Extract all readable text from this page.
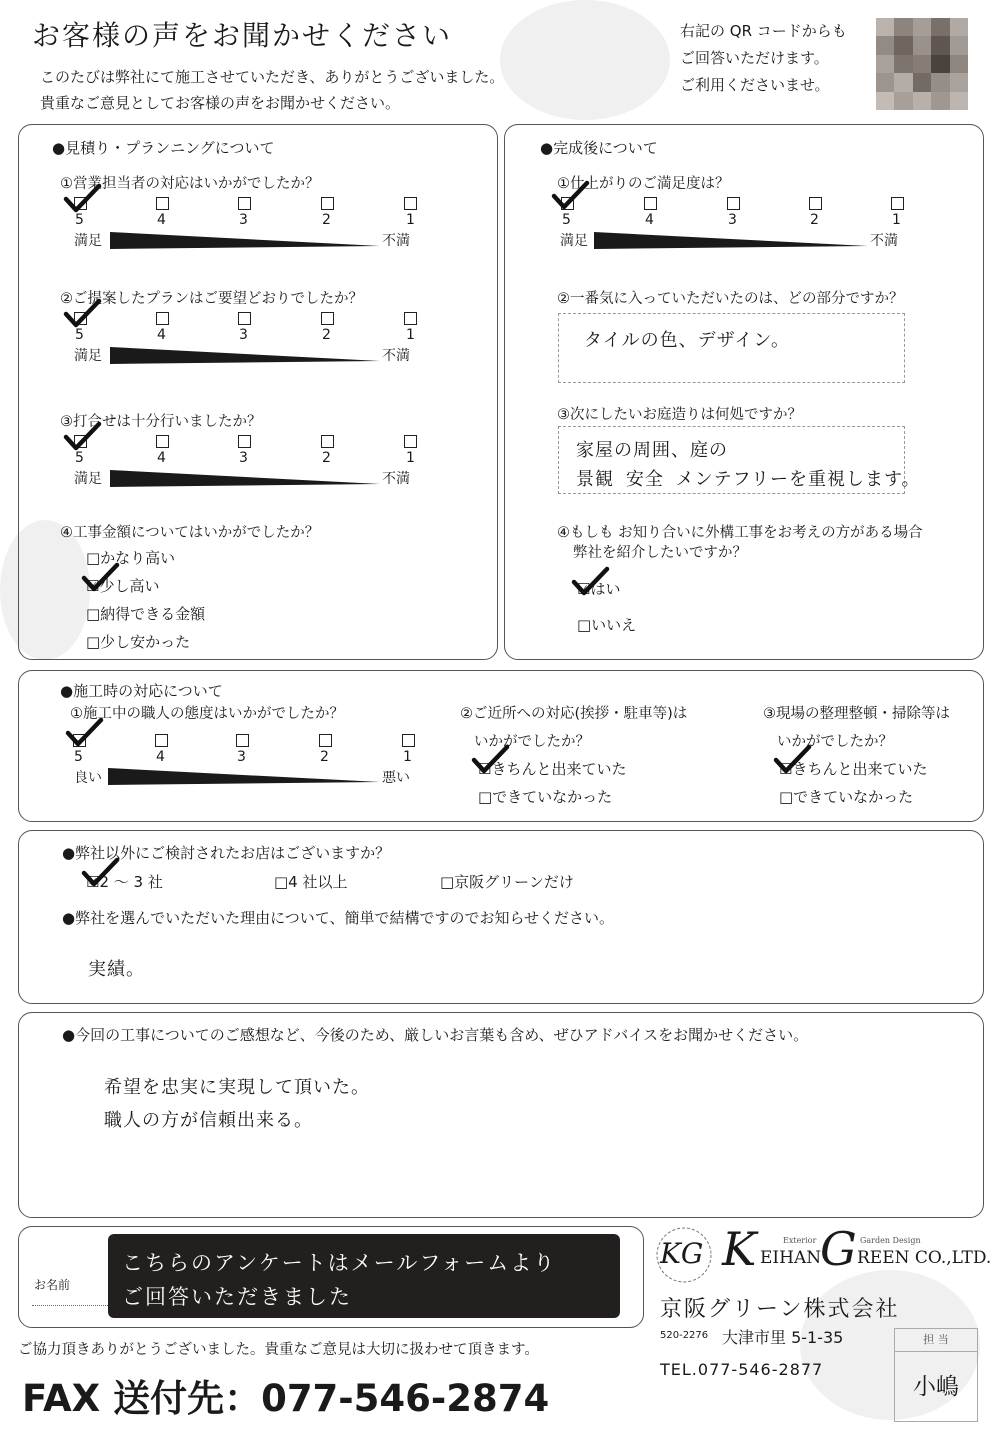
お客様の声をお聞かせください
このたびは弊社にて施工させていただき、ありがとうございました。
貴重なご意見としてお客様の声をお聞かせください。
右記の QR コードからも
ご回答いただけます。
ご利用くださいませ。
●見積り・プランニングについて
①営業担当者の対応はいかがでしたか？
5	4	3	2	1
満足	不満
②ご提案したプランはご要望どおりでしたか？
5	4	3	2	1
満足	不満
③打合せは十分行いましたか？
5	4	3	2	1
満足	不満
④工事金額についてはいかがでしたか？
□かなり高い
☑少し高い
□納得できる金額
□少し安かった
●完成後について
①仕上がりのご満足度は？
5	4	3	2	1
満足	不満
②一番気に入っていただいたのは、どの部分ですか？
タイルの色、デザイン。
③次にしたいお庭造りは何処ですか？
家屋の周囲、庭の
景観 安全 メンテフリーを重視します。
④もしも お知り合いに外構工事をお考えの方がある場合
弊社を紹介したいですか？
☑はい
□いいえ
●施工時の対応について
①施工中の職人の態度はいかがでしたか？
5	4	3	2	1
良い	悪い
②ご近所への対応(挨拶・駐車等)は
いかがでしたか？
☑きちんと出来ていた
□できていなかった
③現場の整理整頓・掃除等は
いかがでしたか？
☑きちんと出来ていた
□できていなかった
●弊社以外にご検討されたお店はございますか？
☑2 ～ 3 社	□4 社以上	□京阪グリーンだけ
●弊社を選んでいただいた理由について、簡単で結構ですのでお知らせください。
実績。
●今回の工事についてのご感想など、今後のため、厳しいお言葉も含め、ぜひアドバイスをお聞かせください。
希望を忠実に実現して頂いた。
職人の方が信頼出来る。
お名前
こちらのアンケートはメールフォームより
ご回答いただきました
ご協力頂きありがとうございました。貴重なご意見は大切に扱わせて頂きます。
FAX 送付先：077-546-2874
KG K EIHAN
Exterior G REEN CO.,LTD.
Garden Design
京阪グリーン株式会社
520-2276 大津市里 5-1-35
TEL.077-546-2877
担 当
小嶋
